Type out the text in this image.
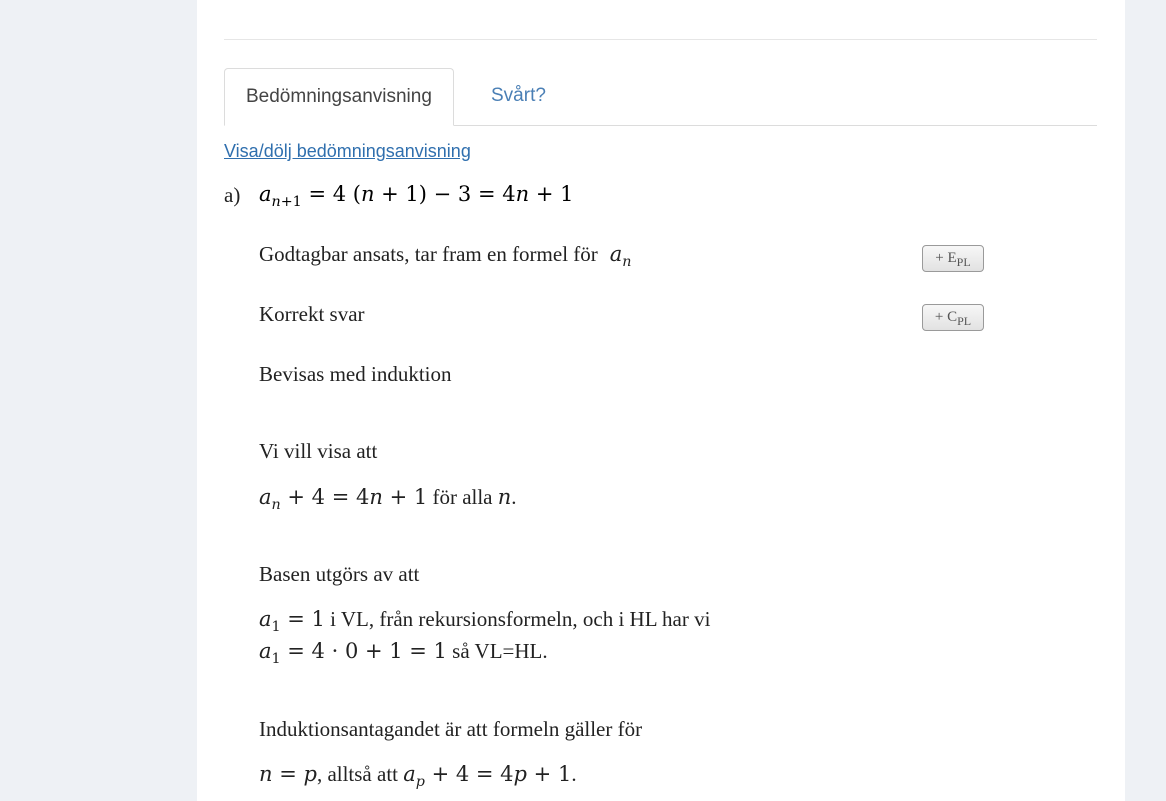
Bedömningsanvisning	Svårt?
Visa/dölj bedömningsanvisning
a) $a_{n+1} = 4$ (n + 1) − 3 = 4n + 1
Godtagbar ansats, tar fram en formel för $a_n$	+ $E_{PL}$
Korrekt svar	+ $C_{PL}$
Bevisas med induktion
Vi vill visa att
$a_n + 4 = 4n + 1$ för alla n.
Basen utgörs av att
$a_1 = 1$ i VL, från rekursionsformeln, och i HL har vi
$a_1 = 4 \cdot 0 + 1 = 1$ så VL=HL.
Induktionsantagandet är att formeln gäller för
n = p, alltså att $a_p + 4 = 4p + 1$.
